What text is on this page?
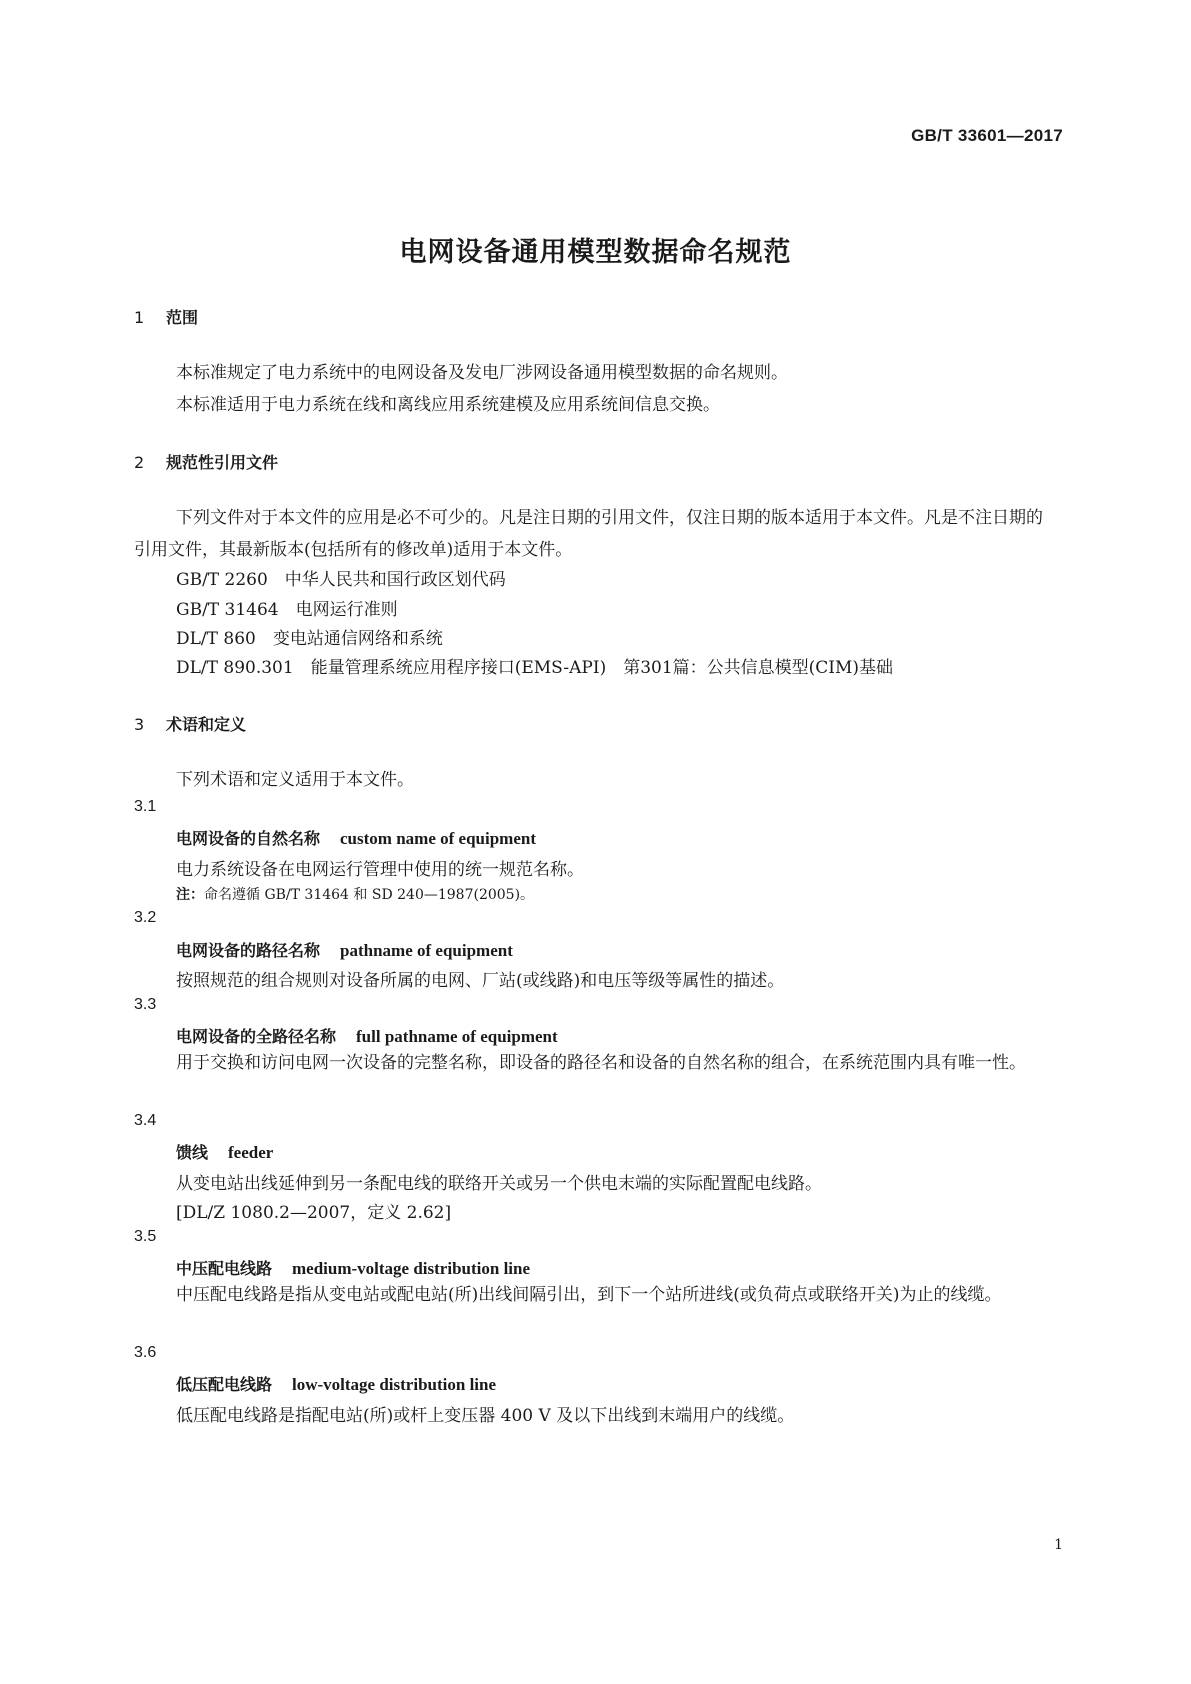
GB/T 33601—2017
电网设备通用模型数据命名规范
1 范围
本标准规定了电力系统中的电网设备及发电厂涉网设备通用模型数据的命名规则。
本标准适用于电力系统在线和离线应用系统建模及应用系统间信息交换。
2 规范性引用文件
下列文件对于本文件的应用是必不可少的。凡是注日期的引用文件，仅注日期的版本适用于本文件。凡是不注日期的引用文件，其最新版本(包括所有的修改单)适用于本文件。
GB/T 2260　中华人民共和国行政区划代码
GB/T 31464　电网运行准则
DL/T 860　变电站通信网络和系统
DL/T 890.301　能量管理系统应用程序接口(EMS-API)　第301篇：公共信息模型(CIM)基础
3 术语和定义
下列术语和定义适用于本文件。
3.1
电网设备的自然名称 custom name of equipment
电力系统设备在电网运行管理中使用的统一规范名称。
注：命名遵循 GB/T 31464 和 SD 240—1987(2005)。
3.2
电网设备的路径名称 pathname of equipment
按照规范的组合规则对设备所属的电网、厂站(或线路)和电压等级等属性的描述。
3.3
电网设备的全路径名称 full pathname of equipment
用于交换和访问电网一次设备的完整名称，即设备的路径名和设备的自然名称的组合，在系统范围内具有唯一性。
3.4
馈线 feeder
从变电站出线延伸到另一条配电线的联络开关或另一个供电末端的实际配置配电线路。
[DL/Z 1080.2—2007，定义 2.62]
3.5
中压配电线路 medium-voltage distribution line
中压配电线路是指从变电站或配电站(所)出线间隔引出，到下一个站所进线(或负荷点或联络开关)为止的线缆。
3.6
低压配电线路 low-voltage distribution line
低压配电线路是指配电站(所)或杆上变压器 400 V 及以下出线到末端用户的线缆。
1
